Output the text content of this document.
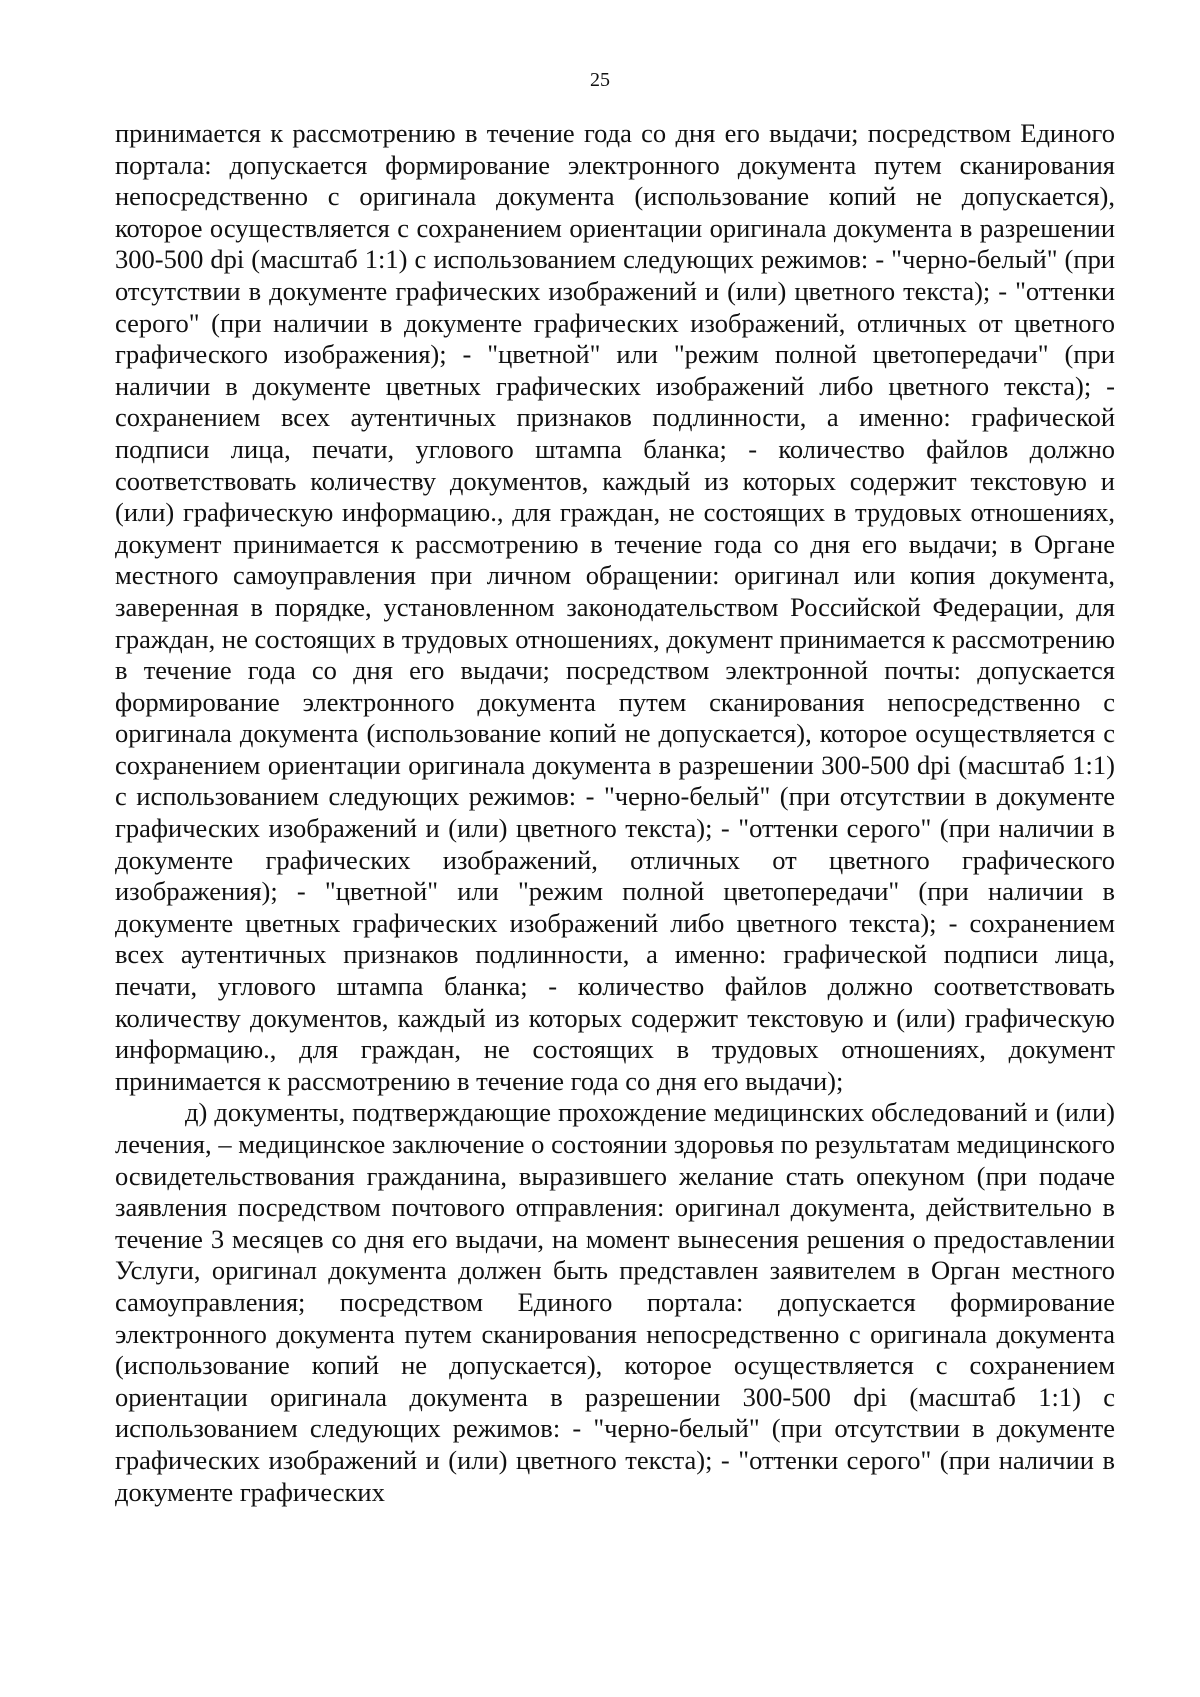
25

принимается к рассмотрению в течение года со дня его выдачи; посредством Единого портала: допускается формирование электронного документа путем сканирования непосредственно с оригинала документа (использование копий не допускается), которое осуществляется с сохранением ориентации оригинала документа в разрешении 300-500 dpi (масштаб 1:1) с использованием следующих режимов: - "черно-белый" (при отсутствии в документе графических изображений и (или) цветного текста); - "оттенки серого" (при наличии в документе графических изображений, отличных от цветного графического изображения); - "цветной" или "режим полной цветопередачи" (при наличии в документе цветных графических изображений либо цветного текста); - сохранением всех аутентичных признаков подлинности, а именно: графической подписи лица, печати, углового штампа бланка; - количество файлов должно соответствовать количеству документов, каждый из которых содержит текстовую и (или) графическую информацию., для граждан, не состоящих в трудовых отношениях, документ принимается к рассмотрению в течение года со дня его выдачи; в Органе местного самоуправления при личном обращении: оригинал или копия документа, заверенная в порядке, установленном законодательством Российской Федерации, для граждан, не состоящих в трудовых отношениях, документ принимается к рассмотрению в течение года со дня его выдачи; посредством электронной почты: допускается формирование электронного документа путем сканирования непосредственно с оригинала документа (использование копий не допускается), которое осуществляется с сохранением ориентации оригинала документа в разрешении 300-500 dpi (масштаб 1:1) с использованием следующих режимов: - "черно-белый" (при отсутствии в документе графических изображений и (или) цветного текста); - "оттенки серого" (при наличии в документе графических изображений, отличных от цветного графического изображения); - "цветной" или "режим полной цветопередачи" (при наличии в документе цветных графических изображений либо цветного текста); - сохранением всех аутентичных признаков подлинности, а именно: графической подписи лица, печати, углового штампа бланка; - количество файлов должно соответствовать количеству документов, каждый из которых содержит текстовую и (или) графическую информацию., для граждан, не состоящих в трудовых отношениях, документ принимается к рассмотрению в течение года со дня его выдачи);

д) документы, подтверждающие прохождение медицинских обследований и (или) лечения, – медицинское заключение о состоянии здоровья по результатам медицинского освидетельствования гражданина, выразившего желание стать опекуном (при подаче заявления посредством почтового отправления: оригинал документа, действительно в течение 3 месяцев со дня его выдачи, на момент вынесения решения о предоставлении Услуги, оригинал документа должен быть представлен заявителем в Орган местного самоуправления; посредством Единого портала: допускается формирование электронного документа путем сканирования непосредственно с оригинала документа (использование копий не допускается), которое осуществляется с сохранением ориентации оригинала документа в разрешении 300-500 dpi (масштаб 1:1) с использованием следующих режимов: - "черно-белый" (при отсутствии в документе графических изображений и (или) цветного текста); - "оттенки серого" (при наличии в документе графических
